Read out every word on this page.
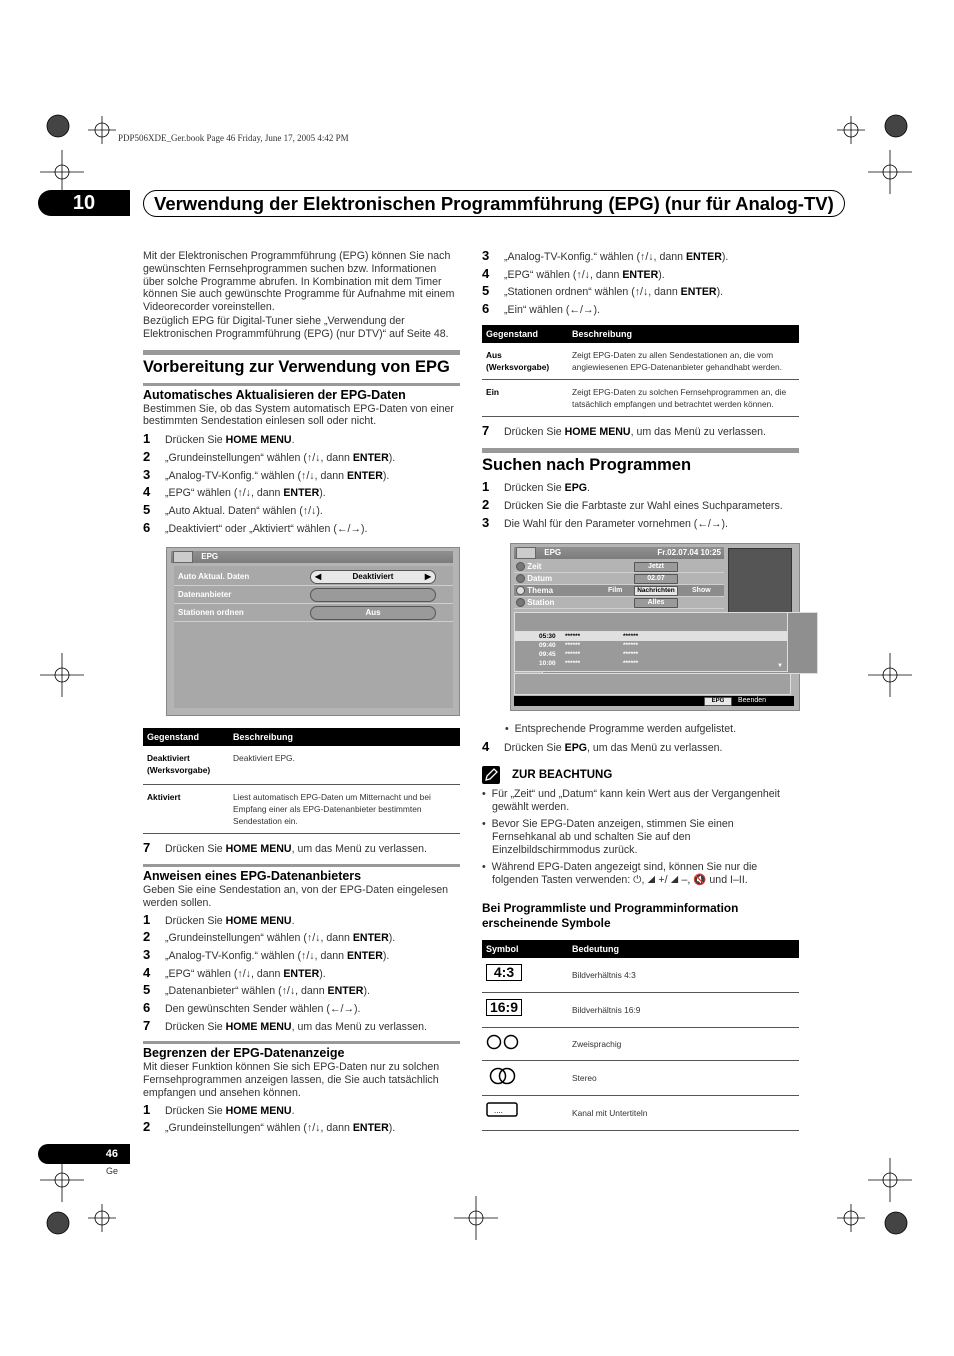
PDP506XDE_Ger.book Page 46 Friday, June 17, 2005 4:42 PM
10	Verwendung der Elektronischen Programmführung (EPG) (nur für Analog-TV)
Mit der Elektronischen Programmführung (EPG) können Sie nach gewünschten Fernsehprogrammen suchen bzw. Informationen über solche Programme abrufen. In Kombination mit dem Timer können Sie auch gewünschte Programme für Aufnahme mit einem Videorecorder voreinstellen.
Bezüglich EPG für Digital-Tuner siehe „Verwendung der Elektronischen Programmführung (EPG) (nur DTV)“ auf Seite 48.
Vorbereitung zur Verwendung von EPG
Automatisches Aktualisieren der EPG-Daten
Bestimmen Sie, ob das System automatisch EPG-Daten von einer bestimmten Sendestation einlesen soll oder nicht.
1	Drücken Sie HOME MENU.
2	„Grundeinstellungen“ wählen (↑/↓, dann ENTER).
3	„Analog-TV-Konfig.“ wählen (↑/↓, dann ENTER).
4	„EPG“ wählen (↑/↓, dann ENTER).
5	„Auto Aktual. Daten“ wählen (↑/↓).
6	„Deaktiviert“ oder „Aktiviert“ wählen (←/→).
EPG
Auto Aktual. Daten	◀	Deaktiviert	▶
Datenanbieter
Stationen ordnen	Aus
Gegenstand	Beschreibung
Deaktiviert (Werksvorgabe)	Deaktiviert EPG.
Aktiviert	Liest automatisch EPG-Daten um Mitternacht und bei Empfang einer als EPG-Datenanbieter bestimmten Sendestation ein.
7	Drücken Sie HOME MENU, um das Menü zu verlassen.
Anweisen eines EPG-Datenanbieters
Geben Sie eine Sendestation an, von der EPG-Daten eingelesen werden sollen.
1	Drücken Sie HOME MENU.
2	„Grundeinstellungen“ wählen (↑/↓, dann ENTER).
3	„Analog-TV-Konfig.“ wählen (↑/↓, dann ENTER).
4	„EPG“ wählen (↑/↓, dann ENTER).
5	„Datenanbieter“ wählen (↑/↓, dann ENTER).
6	Den gewünschten Sender wählen (←/→).
7	Drücken Sie HOME MENU, um das Menü zu verlassen.
Begrenzen der EPG-Datenanzeige
Mit dieser Funktion können Sie sich EPG-Daten nur zu solchen Fernsehprogrammen anzeigen lassen, die Sie auch tatsächlich empfangen und ansehen können.
1	Drücken Sie HOME MENU.
2	„Grundeinstellungen“ wählen (↑/↓, dann ENTER).
3	„Analog-TV-Konfig.“ wählen (↑/↓, dann ENTER).
4	„EPG“ wählen (↑/↓, dann ENTER).
5	„Stationen ordnen“ wählen (↑/↓, dann ENTER).
6	„Ein“ wählen (←/→).
Gegenstand	Beschreibung
Aus (Werksvorgabe)	Zeigt EPG-Daten zu allen Sendestationen an, die vom angiewiesenen EPG-Datenanbieter gehandhabt werden.
Ein	Zeigt EPG-Daten zu solchen Fernsehprogrammen an, die tatsächlich empfangen und betrachtet werden können.
7	Drücken Sie HOME MENU, um das Menü zu verlassen.
Suchen nach Programmen
1	Drücken Sie EPG.
2	Drücken Sie die Farbtaste zur Wahl eines Suchparameters.
3	Die Wahl für den Parameter vornehmen (←/→).
EPG	Fr.02.07.04 10:25
Zeit	Jetzt
Datum	02.07
Thema	Film	Nachrichten	Show
Station	Alles
05:30 ******	******
09:40 ******	******
09:45 ******	******
10:00 ******	******	▼
EPG	Beenden
•  Entsprechende Programme werden aufgelistet.
4	Drücken Sie EPG, um das Menü zu verlassen.
ZUR BEACHTUNG
•  Für „Zeit“ und „Datum“ kann kein Wert aus der Vergangenheit gewählt werden.
•  Bevor Sie EPG-Daten anzeigen, stimmen Sie einen Fernsehkanal ab und schalten Sie auf den Einzelbildschirmmodus zurück.
•  Während EPG-Daten angezeigt sind, können Sie nur die folgenden Tasten verwenden: ⏻, ◢ +/ ◢ –, 🔇 und I–II.
Bei Programmliste und Programminformation erscheinende Symbole
Symbol	Bedeutung

4:3	Bildverhältnis 4:3

16:9	Bildverhältnis 16:9
	Zweisprachig
	Stereo

....	Kanal mit Untertiteln
46
Ge
